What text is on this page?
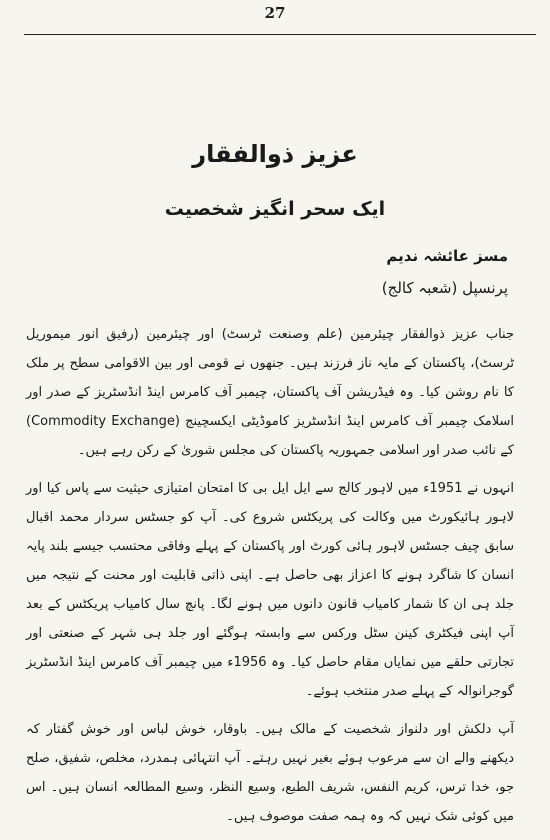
27
عزیز ذوالفقار
ایک سحر انگیز شخصیت
مسز عائشہ ندیم
پرنسپل (شعبہ کالج)

جناب عزیز ذوالفقار چیئرمین (علم وصنعت ٹرسٹ) اور چیئرمین (رفیق انور میموریل ٹرسٹ)، پاکستان کے مایہ ناز فرزند ہیں۔ جنھوں نے قومی اور بین الاقوامی سطح پر ملک کا نام روشن کیا۔ وہ فیڈریشن آف پاکستان، چیمبر آف کامرس اینڈ انڈسٹریز کے صدر اور اسلامک چیمبر آف کامرس اینڈ انڈسٹریز کاموڈیٹی ایکسچینج (Commodity Exchange) کے نائب صدر اور اسلامی جمہوریہ پاکستان کی مجلس شوریٰ کے رکن رہے ہیں۔

انہوں نے 1951ء میں لاہور کالج سے ایل ایل بی کا امتحان امتیازی حیثیت سے پاس کیا اور لاہور ہائیکورٹ میں وکالت کی پریکٹس شروع کی۔ آپ کو جسٹس سردار محمد اقبال سابق چیف جسٹس لاہور ہائی کورٹ اور پاکستان کے پہلے وفاقی محتسب جیسے بلند پایہ انسان کا شاگرد ہونے کا اعزاز بھی حاصل ہے۔ اپنی ذاتی قابلیت اور محنت کے نتیجہ میں جلد ہی ان کا شمار کامیاب قانون دانوں میں ہونے لگا۔ پانچ سال کامیاب پریکٹس کے بعد آپ اپنی فیکٹری کینن سٹل ورکس سے وابستہ ہوگئے اور جلد ہی شہر کے صنعتی اور تجارتی حلقے میں نمایاں مقام حاصل کیا۔ وہ 1956ء میں چیمبر آف کامرس اینڈ انڈسٹریز گوجرانوالہ کے پہلے صدر منتخب ہوئے۔

آپ دلکش اور دلنواز شخصیت کے مالک ہیں۔ باوقار، خوش لباس اور خوش گفتار کہ دیکھنے والے ان سے مرعوب ہوئے بغیر نہیں رہتے۔ آپ انتہائی ہمدرد، مخلص، شفیق، صلح جو، خدا ترس، کریم النفس، شریف الطبع، وسیع النظر، وسیع المطالعہ انسان ہیں۔ اس میں کوئی شک نہیں کہ وہ ہمہ صفت موصوف ہیں۔
